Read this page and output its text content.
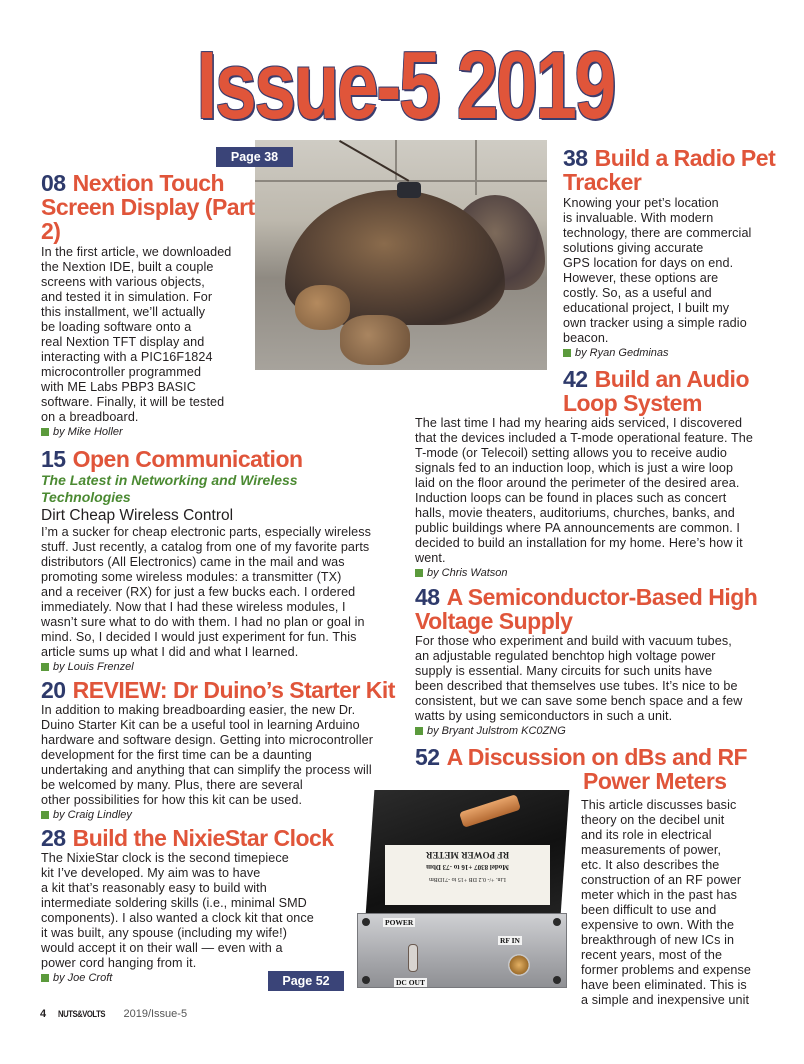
Issue-5 2019
Page 38
08 Nextion Touch
Screen Display (Part
2)
In the first article, we downloaded
the Nextion IDE, built a couple
screens with various objects,
and tested it in simulation. For
this installment, we’ll actually
be loading software onto a
real Nextion TFT display and
interacting with a PIC16F1824
microcontroller programmed
with ME Labs PBP3 BASIC
software. Finally, it will be tested
on a breadboard.
by Mike Holler
15 Open Communication
The Latest in Networking and Wireless
Technologies
Dirt Cheap Wireless Control
I’m a sucker for cheap electronic parts, especially wireless
stuff. Just recently, a catalog from one of my favorite parts
distributors (All Electronics) came in the mail and was
promoting some wireless modules: a transmitter (TX)
and a receiver (RX) for just a few bucks each. I ordered
immediately. Now that I had these wireless modules, I
wasn’t sure what to do with them. I had no plan or goal in
mind. So, I decided I would just experiment for fun. This
article sums up what I did and what I learned.
by Louis Frenzel
20 REVIEW: Dr Duino’s Starter Kit
In addition to making breadboarding easier, the new Dr.
Duino Starter Kit can be a useful tool in learning Arduino
hardware and software design. Getting into microcontroller
development for the first time can be a daunting
undertaking and anything that can simplify the process will
be welcomed by many. Plus, there are several
other possibilities for how this kit can be used.
by Craig Lindley
28 Build the NixieStar Clock
The NixieStar clock is the second timepiece
kit I’ve developed. My aim was to have
a kit that’s reasonably easy to build with
intermediate soldering skills (i.e., minimal SMD
components). I also wanted a clock kit that once
it was built, any spouse (including my wife!)
would accept it on their wall — even with a
power cord hanging from it.
by Joe Croft
38 Build a Radio Pet
Tracker
Knowing your pet’s location
is invaluable. With modern
technology, there are commercial
solutions giving accurate
GPS location for days on end.
However, these options are
costly. So, as a useful and
educational project, I built my
own tracker using a simple radio
beacon.
by Ryan Gedminas
42 Build an Audio
Loop System
The last time I had my hearing aids serviced, I discovered
that the devices included a T-mode operational feature. The
T-mode (or Telecoil) setting allows you to receive audio
signals fed to an induction loop, which is just a wire loop
laid on the floor around the perimeter of the desired area.
Induction loops can be found in places such as concert
halls, movie theaters, auditoriums, churches, banks, and
public buildings where PA announcements are common. I
decided to build an installation for my home. Here’s how it
went.
by Chris Watson
48 A Semiconductor-Based High
Voltage Supply
For those who experiment and build with vacuum tubes,
an adjustable regulated benchtop high voltage power
supply is essential. Many circuits for such units have
been described that themselves use tubes. It’s nice to be
consistent, but we can save some bench space and a few
watts by using semiconductors in such a unit.
by Bryant Julstrom KC0ZNG
52 A Discussion on dBs and RF
Power Meters
RF POWER METER
Model 8307 +16 to -73 Dbm
Lin. +/- 0.2 DB +15 to -71DBm
POWER
RF IN
DC OUT
Page 52
This article discusses basic
theory on the decibel unit
and its role in electrical
measurements of power,
etc. It also describes the
construction of an RF power
meter which in the past has
been difficult to use and
expensive to own. With the
breakthrough of new ICs in
recent years, most of the
former problems and expense
have been eliminated. This is
a simple and inexpensive unit
4 NUTS&VOLTS 2019/Issue-5
